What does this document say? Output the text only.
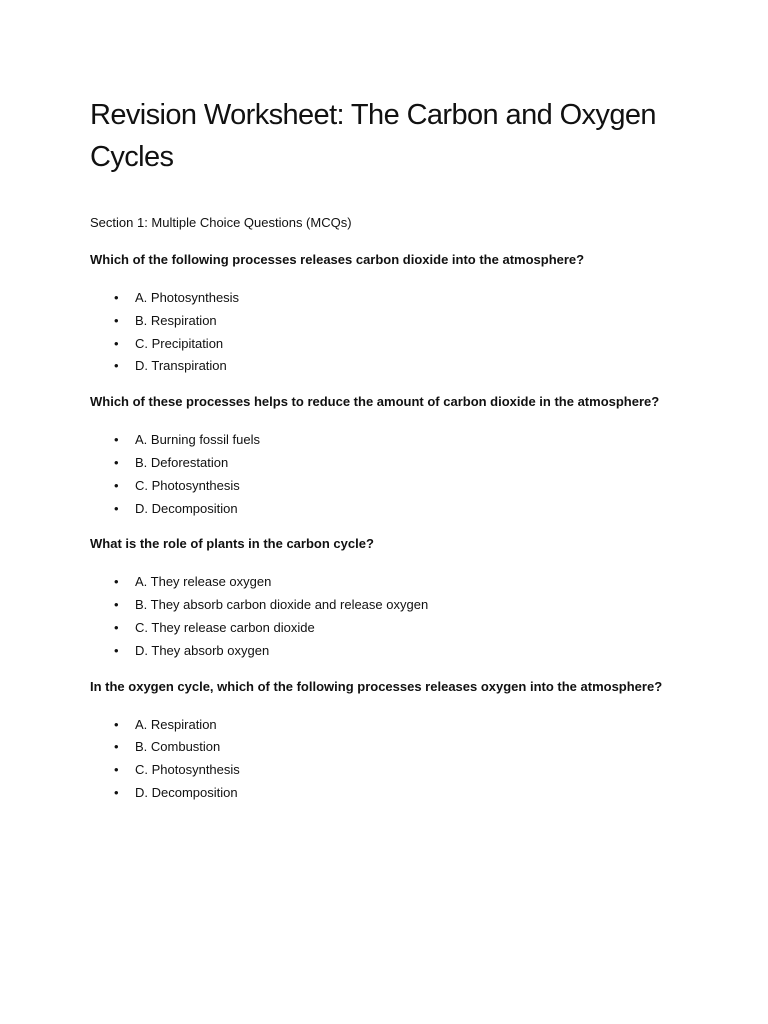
Revision Worksheet: The Carbon and Oxygen Cycles

Section 1: Multiple Choice Questions (MCQs)

Which of the following processes releases carbon dioxide into the atmosphere?

• A. Photosynthesis
• B. Respiration
• C. Precipitation
• D. Transpiration

Which of these processes helps to reduce the amount of carbon dioxide in the atmosphere?

• A. Burning fossil fuels
• B. Deforestation
• C. Photosynthesis
• D. Decomposition

What is the role of plants in the carbon cycle?

• A. They release oxygen
• B. They absorb carbon dioxide and release oxygen
• C. They release carbon dioxide
• D. They absorb oxygen

In the oxygen cycle, which of the following processes releases oxygen into the atmosphere?

• A. Respiration
• B. Combustion
• C. Photosynthesis
• D. Decomposition
